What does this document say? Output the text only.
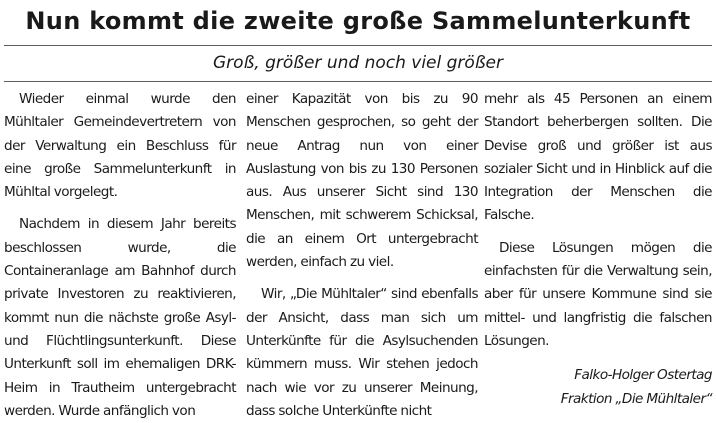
Nun kommt die zweite große Sammelunterkunft
Groß, größer und noch viel größer

Wieder einmal wurde den Mühltaler Gemeindevertretern von der Verwaltung ein Beschluss für eine große Sammelunterkunft in Mühltal vorgelegt.

Nachdem in diesem Jahr bereits beschlossen wurde, die Containeranlage am Bahnhof durch private Investoren zu reaktivieren, kommt nun die nächste große Asyl- und Flüchtlingsunterkunft. Diese Unterkunft soll im ehemaligen DRK-Heim in Trautheim untergebracht werden. Wurde anfänglich von

einer Kapazität von bis zu 90 Menschen gesprochen, so geht der neue Antrag nun von einer Auslastung von bis zu 130 Personen aus. Aus unserer Sicht sind 130 Menschen, mit schwerem Schicksal, die an einem Ort untergebracht werden, einfach zu viel.

Wir, „Die Mühltaler“ sind ebenfalls der Ansicht, dass man sich um Unterkünfte für die Asylsuchenden kümmern muss. Wir stehen jedoch nach wie vor zu unserer Meinung, dass solche Unterkünfte nicht

mehr als 45 Personen an einem Standort beherbergen sollten. Die Devise groß und größer ist aus sozialer Sicht und in Hinblick auf die Integration der Menschen die Falsche.

Diese Lösungen mögen die einfachsten für die Verwaltung sein, aber für unsere Kommune sind sie mittel- und langfristig die falschen Lösungen.

Falko-Holger Ostertag
Fraktion „Die Mühltaler“
